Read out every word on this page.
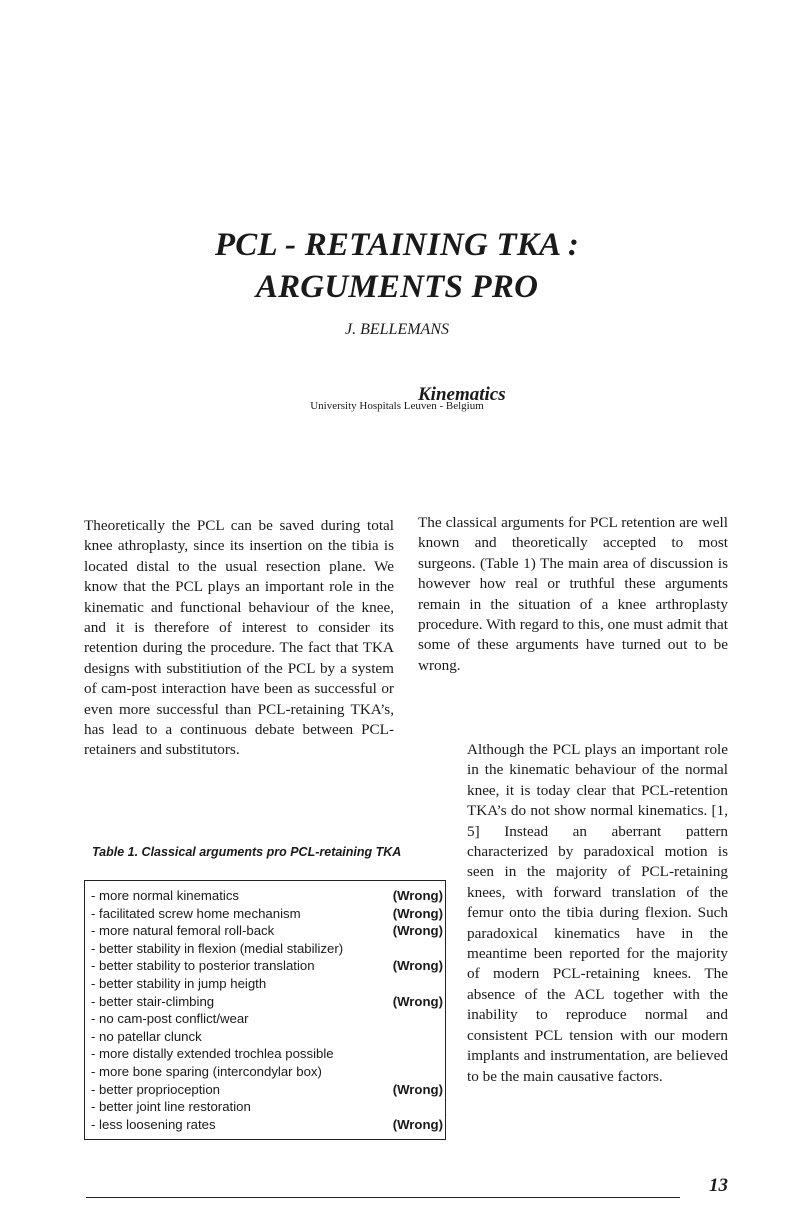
PCL - RETAINING TKA :
ARGUMENTS PRO
J. BELLEMANS
University Hospitals Leuven - Belgium

Theoretically the PCL can be saved during total knee athroplasty, since its insertion on the tibia is located distal to the usual resection plane. We know that the PCL plays an important role in the kinematic and functional behaviour of the knee, and it is therefore of interest to consider its retention during the procedure. The fact that TKA designs with substitiution of the PCL by a system of cam-post interaction have been as successful or even more successful than PCL-retaining TKA’s, has lead to a continuous debate between PCL-retainers and substitutors.

The classical arguments for PCL retention are well known and theoretically accepted to most surgeons. (Table 1) The main area of discussion is however how real or truthful these arguments remain in the situation of a knee arthroplasty procedure. With regard to this, one must admit that some of these arguments have turned out to be wrong.

Kinematics

Although the PCL plays an important role in the kinematic behaviour of the normal knee, it is today clear that PCL-retention TKA’s do not show normal kinematics. [1, 5] Instead an aberrant pattern characterized by paradoxical motion is seen in the majority of PCL-retaining knees, with forward translation of the femur onto the tibia during flexion. Such paradoxical kinematics have in the meantime been reported for the majority of modern PCL-retaining knees. The absence of the ACL together with the inability to reproduce normal and consistent PCL tension with our modern implants and instrumentation, are believed to be the main causative factors.

Table 1. Classical arguments pro PCL-retaining TKA
- more normal kinematics	(Wrong)
- facilitated screw home mechanism	(Wrong)
- more natural femoral roll-back	(Wrong)
- better stability in flexion (medial stabilizer)
- better stability to posterior translation	(Wrong)
- better stability in jump heigth
- better stair-climbing	(Wrong)
- no cam-post conflict/wear
- no patellar clunck
- more distally extended trochlea possible
- more bone sparing (intercondylar box)
- better proprioception	(Wrong)
- better joint line restoration
- less loosening rates	(Wrong)
13
